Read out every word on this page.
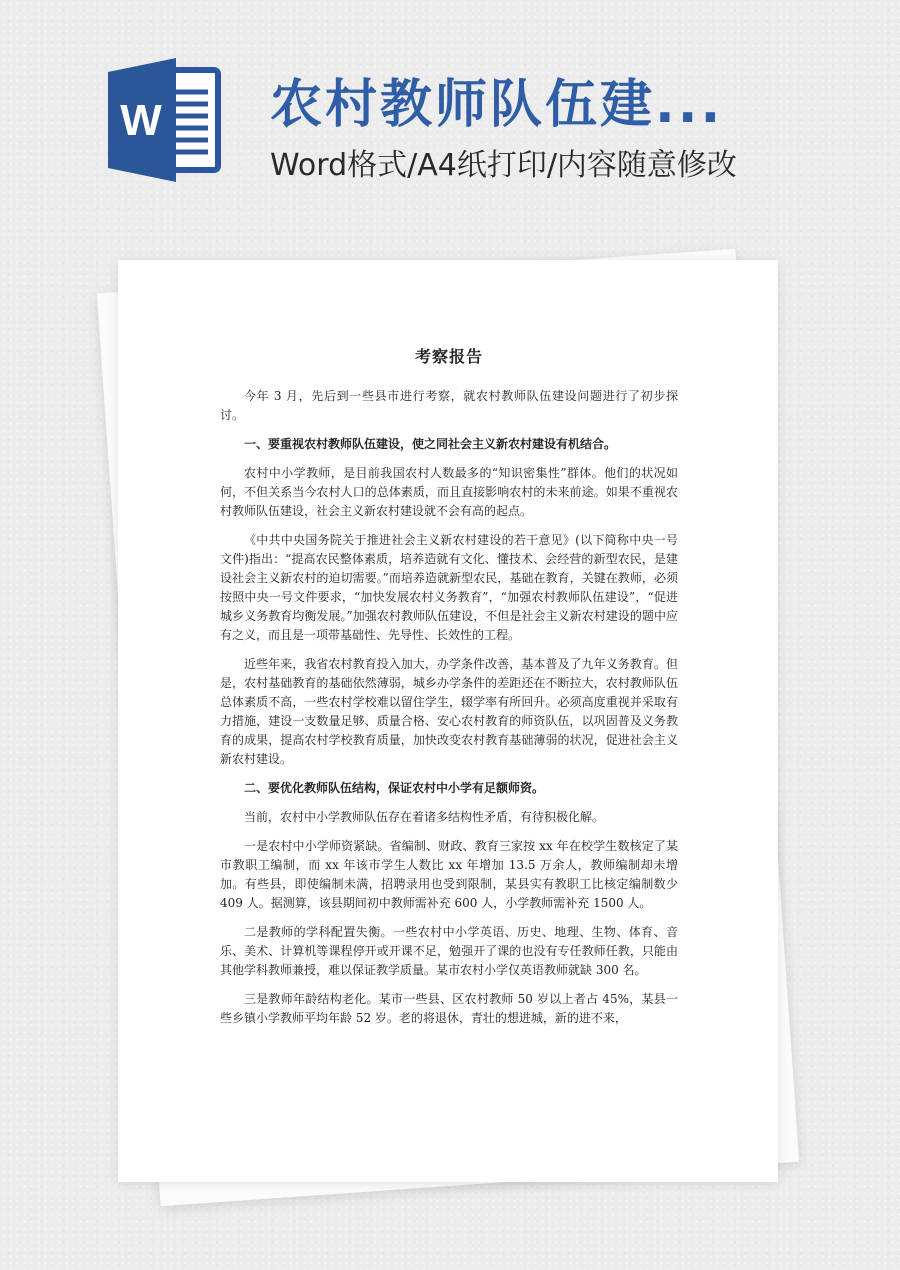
W 农村教师队伍建...

Word格式/A4纸打印/内容随意修改

考察报告

今年 3 月，先后到一些县市进行考察，就农村教师队伍建设问题进行了初步探讨。

一、要重视农村教师队伍建设，使之同社会主义新农村建设有机结合。

农村中小学教师，是目前我国农村人数最多的“知识密集性”群体。他们的状况如何，不但关系当今农村人口的总体素质，而且直接影响农村的未来前途。如果不重视农村教师队伍建设，社会主义新农村建设就不会有高的起点。

《中共中央国务院关于推进社会主义新农村建设的若干意见》(以下简称中央一号文件)指出：“提高农民整体素质，培养造就有文化、懂技术、会经营的新型农民，是建设社会主义新农村的迫切需要。”而培养造就新型农民，基础在教育，关键在教师，必须按照中央一号文件要求，“加快发展农村义务教育”，“加强农村教师队伍建设”，“促进城乡义务教育均衡发展。”加强农村教师队伍建设，不但是社会主义新农村建设的题中应有之义，而且是一项带基础性、先导性、长效性的工程。

近些年来，我省农村教育投入加大，办学条件改善，基本普及了九年义务教育。但是，农村基础教育的基础依然薄弱，城乡办学条件的差距还在不断拉大，农村教师队伍总体素质不高，一些农村学校难以留住学生，辍学率有所回升。必须高度重视并采取有力措施，建设一支数量足够、质量合格、安心农村教育的师资队伍，以巩固普及义务教育的成果，提高农村学校教育质量，加快改变农村教育基础薄弱的状况，促进社会主义新农村建设。

二、要优化教师队伍结构，保证农村中小学有足额师资。

当前，农村中小学教师队伍存在着诸多结构性矛盾，有待积极化解。

一是农村中小学师资紧缺。省编制、财政、教育三家按 xx 年在校学生数核定了某市教职工编制，而 xx 年该市学生人数比 xx 年增加 13.5 万余人，教师编制却未增加。有些县，即使编制未满，招聘录用也受到限制，某县实有教职工比核定编制数少 409 人。据测算，该县期间初中教师需补充 600 人，小学教师需补充 1500 人。

二是教师的学科配置失衡。一些农村中小学英语、历史、地理、生物、体育、音乐、美术、计算机等课程停开或开课不足，勉强开了课的也没有专任教师任教，只能由其他学科教师兼授，难以保证教学质量。某市农村小学仅英语教师就缺 300 名。

三是教师年龄结构老化。某市一些县、区农村教师 50 岁以上者占 45%，某县一些乡镇小学教师平均年龄 52 岁。老的将退休，青壮的想进城，新的进不来，
